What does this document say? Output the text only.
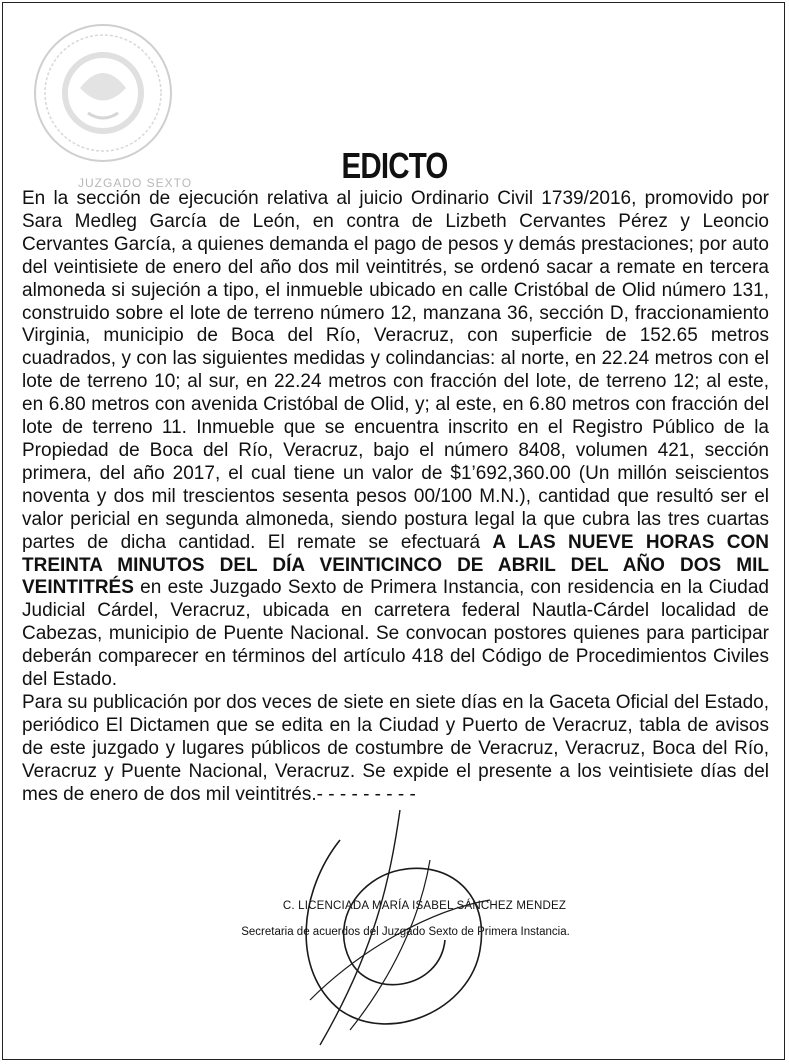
JUZGADO SEXTO	EDICTO

En la sección de ejecución relativa al juicio Ordinario Civil 1739/2016, promovido por Sara Medleg García de León, en contra de Lizbeth Cervantes Pérez y Leoncio Cervantes García, a quienes demanda el pago de pesos y demás prestaciones; por auto del veintisiete de enero del año dos mil veintitrés, se ordenó sacar a remate en tercera almoneda si sujeción a tipo, el inmueble ubicado en calle Cristóbal de Olid número 131, construido sobre el lote de terreno número 12, manzana 36, sección D, fraccionamiento Virginia, municipio de Boca del Río, Veracruz, con superficie de 152.65 metros cuadrados, y con las siguientes medidas y colindancias: al norte, en 22.24 metros con el lote de terreno 10; al sur, en 22.24 metros con fracción del lote, de terreno 12; al este, en 6.80 metros con avenida Cristóbal de Olid, y; al este, en 6.80 metros con fracción del lote de terreno 11. Inmueble que se encuentra inscrito en el Registro Público de la Propiedad de Boca del Río, Veracruz, bajo el número 8408, volumen 421, sección primera, del año 2017, el cual tiene un valor de $1’692,360.00 (Un millón seiscientos noventa y dos mil trescientos sesenta pesos 00/100 M.N.), cantidad que resultó ser el valor pericial en segunda almoneda, siendo postura legal la que cubra las tres cuartas partes de dicha cantidad. El remate se efectuará A LAS NUEVE HORAS CON TREINTA MINUTOS DEL DÍA VEINTICINCO DE ABRIL DEL AÑO DOS MIL VEINTITRÉS en este Juzgado Sexto de Primera Instancia, con residencia en la Ciudad Judicial Cárdel, Veracruz, ubicada en carretera federal Nautla-Cárdel localidad de Cabezas, municipio de Puente Nacional. Se convocan postores quienes para participar deberán comparecer en términos del artículo 418 del Código de Procedimientos Civiles del Estado.

Para su publicación por dos veces de siete en siete días en la Gaceta Oficial del Estado, periódico El Dictamen que se edita en la Ciudad y Puerto de Veracruz, tabla de avisos de este juzgado y lugares públicos de costumbre de Veracruz, Veracruz, Boca del Río, Veracruz y Puente Nacional, Veracruz. Se expide el presente a los veintisiete días del mes de enero de dos mil veintitrés.- - - - - - - - -

C. LICENCIADA MARÍA ISABEL SÁNCHEZ MENDEZ
Secretaria de acuerdos del Juzgado Sexto de Primera Instancia.
